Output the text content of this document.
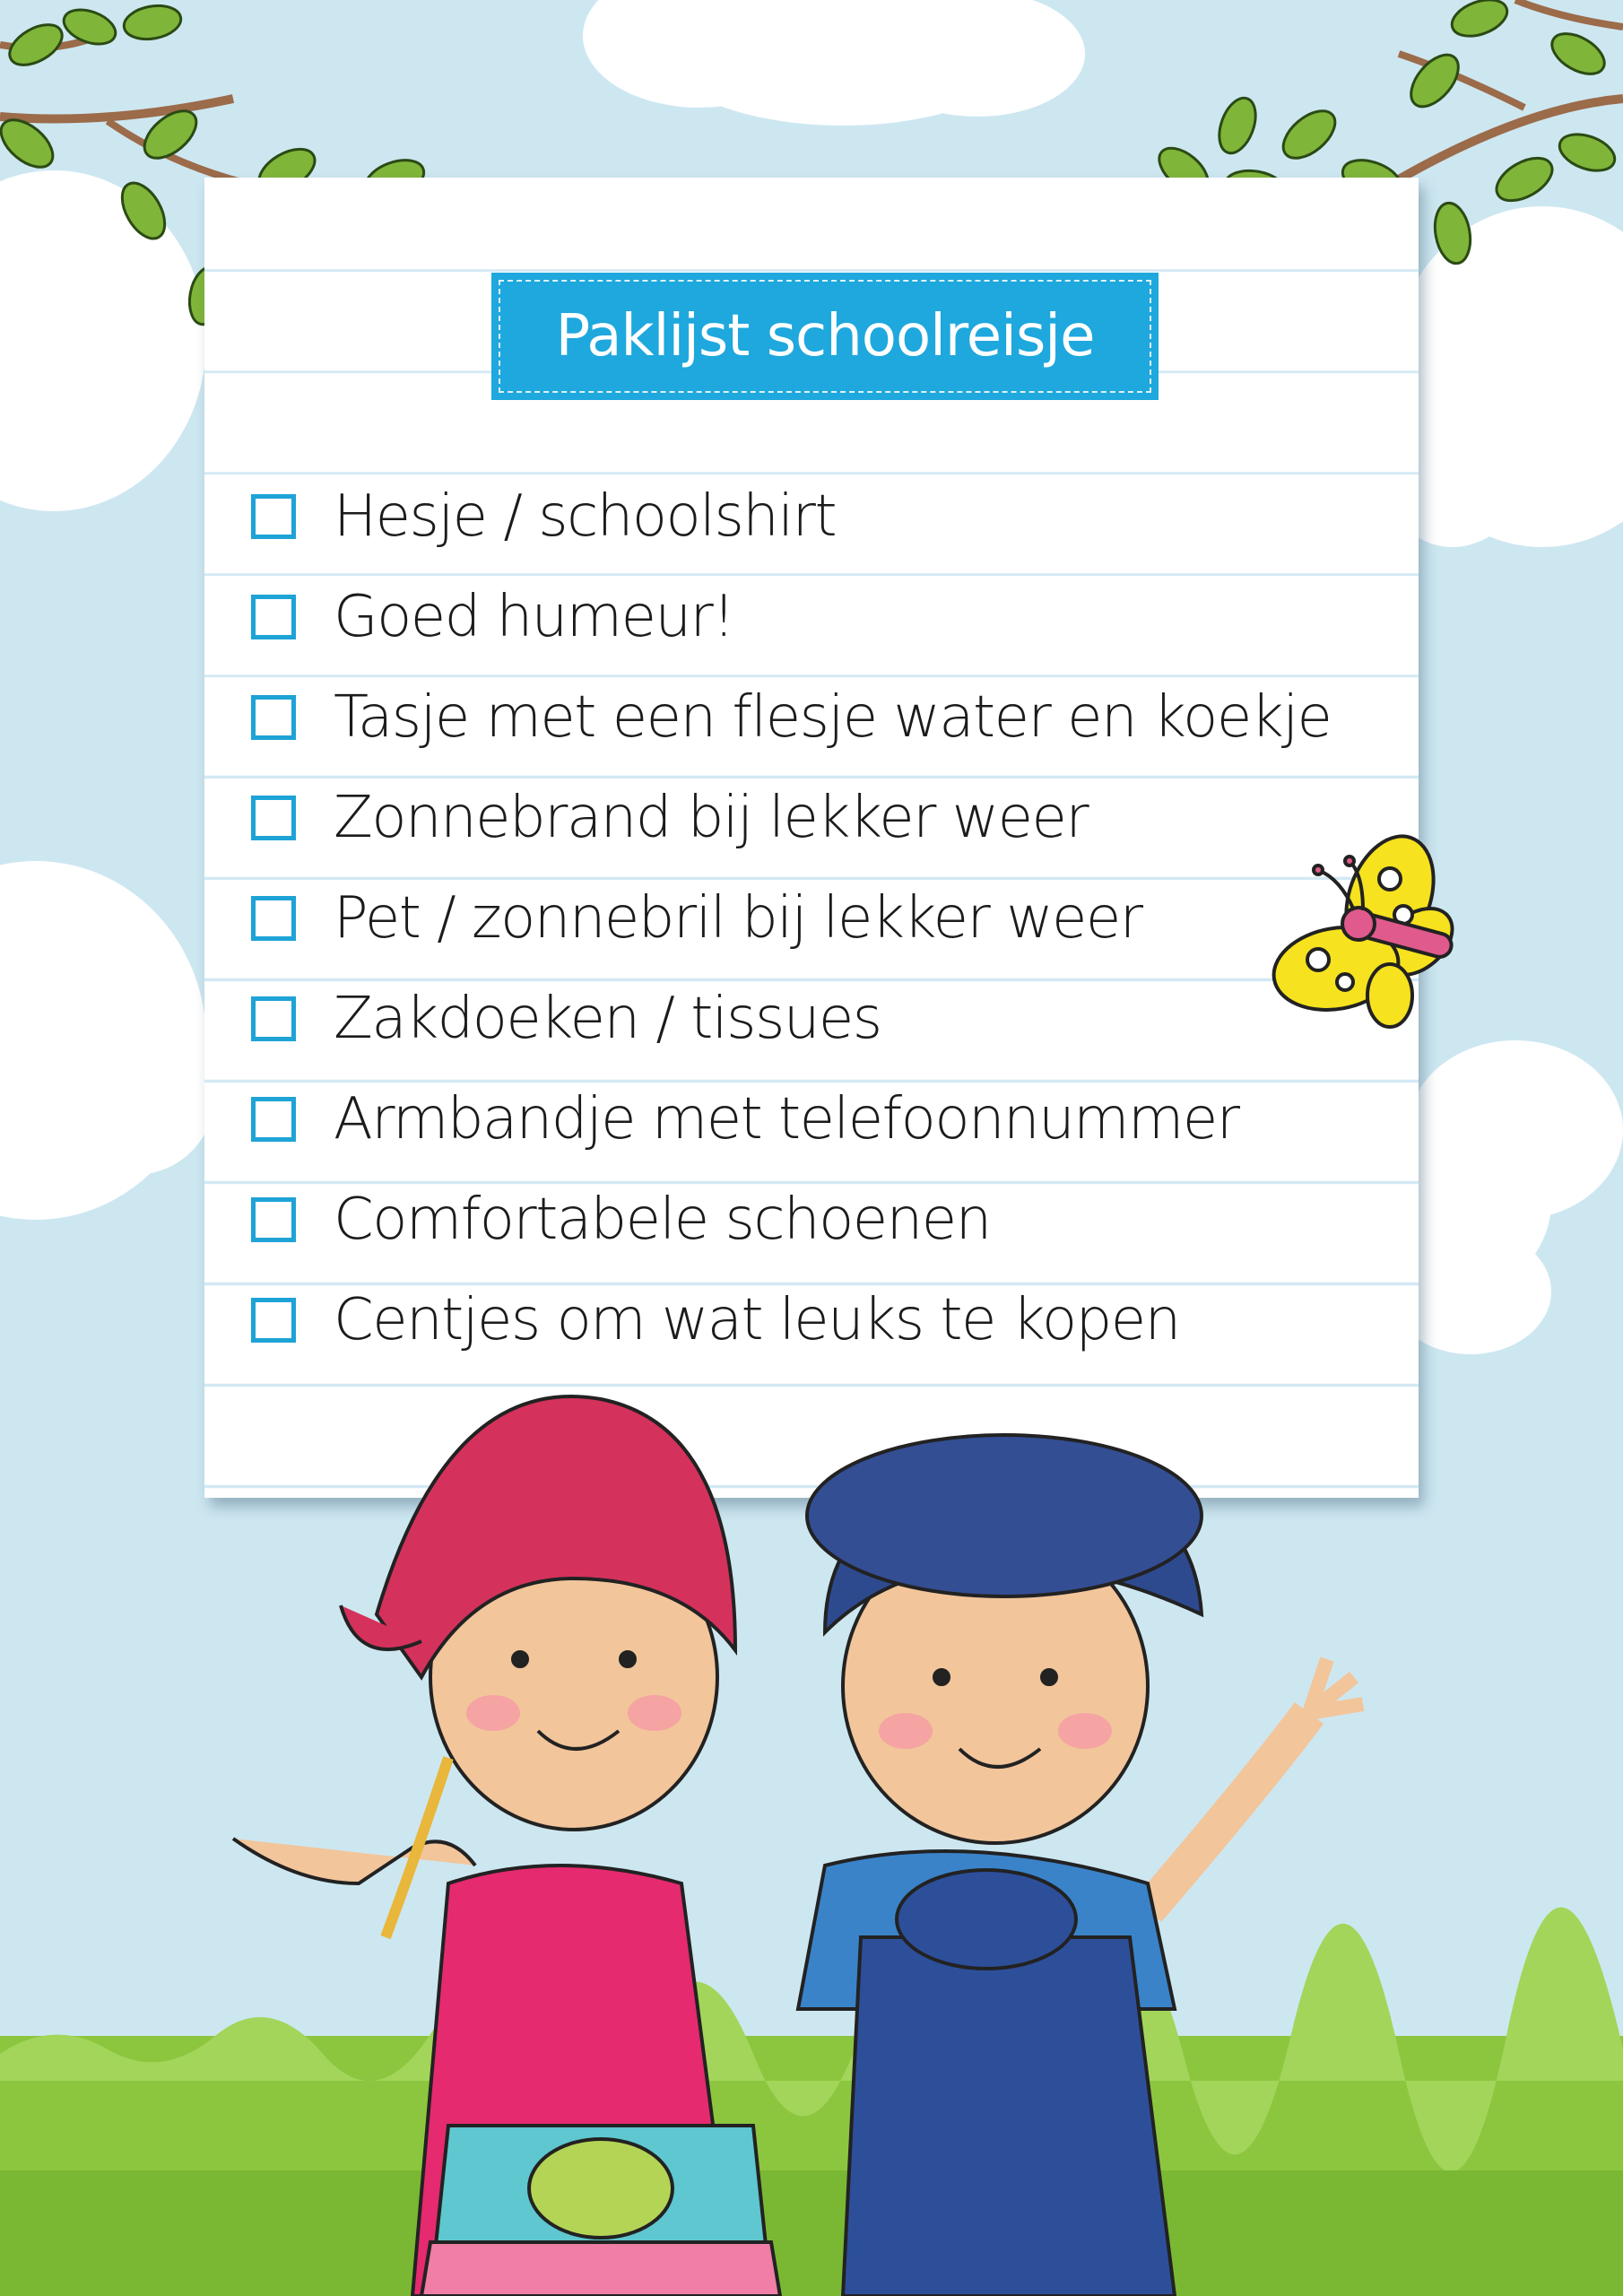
Paklijst schoolreisje
Hesje / schoolshirt
Goed humeur!
Tasje met een flesje water en koekje
Zonnebrand bij lekker weer
Pet / zonnebril bij lekker weer
Zakdoeken / tissues
Armbandje met telefoonnummer
Comfortabele schoenen
Centjes om wat leuks te kopen
